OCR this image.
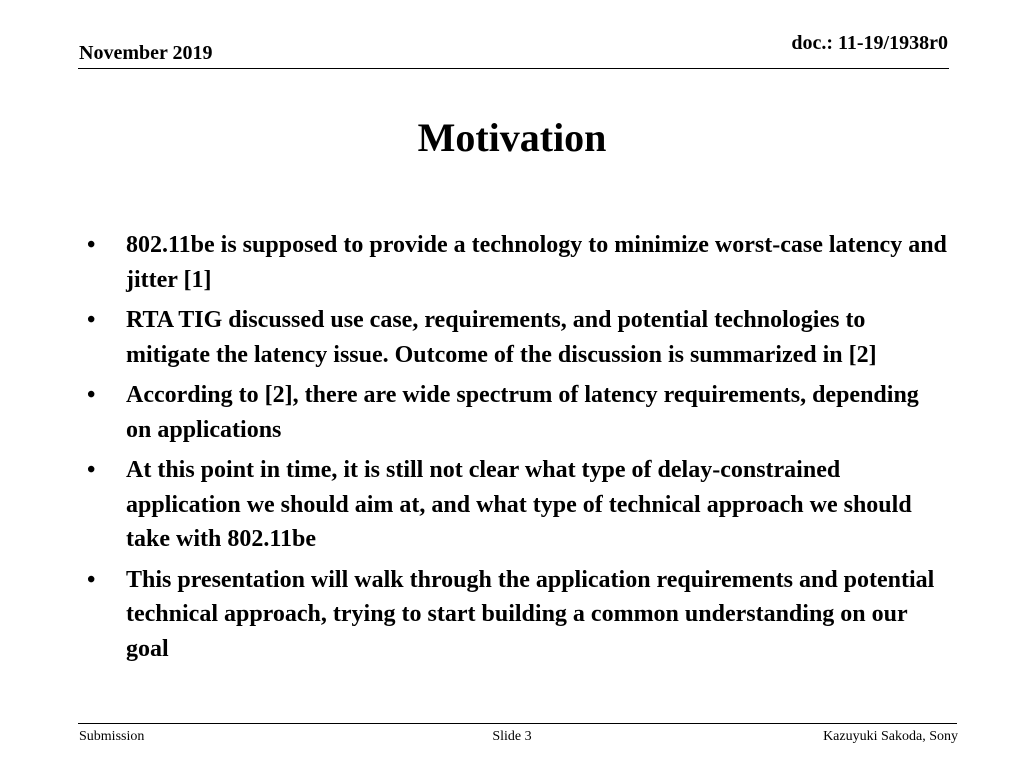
November 2019	doc.: 11-19/1938r0
Motivation
• 802.11be is supposed to provide a technology to minimize worst-case latency and jitter [1]
• RTA TIG discussed use case, requirements, and potential technologies to mitigate the latency issue. Outcome of the discussion is summarized in [2]
• According to [2], there are wide spectrum of latency requirements, depending on applications
• At this point in time, it is still not clear what type of delay-constrained application we should aim at, and what type of technical approach we should take with 802.11be
• This presentation will walk through the application requirements and potential technical approach, trying to start building a common understanding on our goal
Submission	Slide 3	Kazuyuki Sakoda, Sony
